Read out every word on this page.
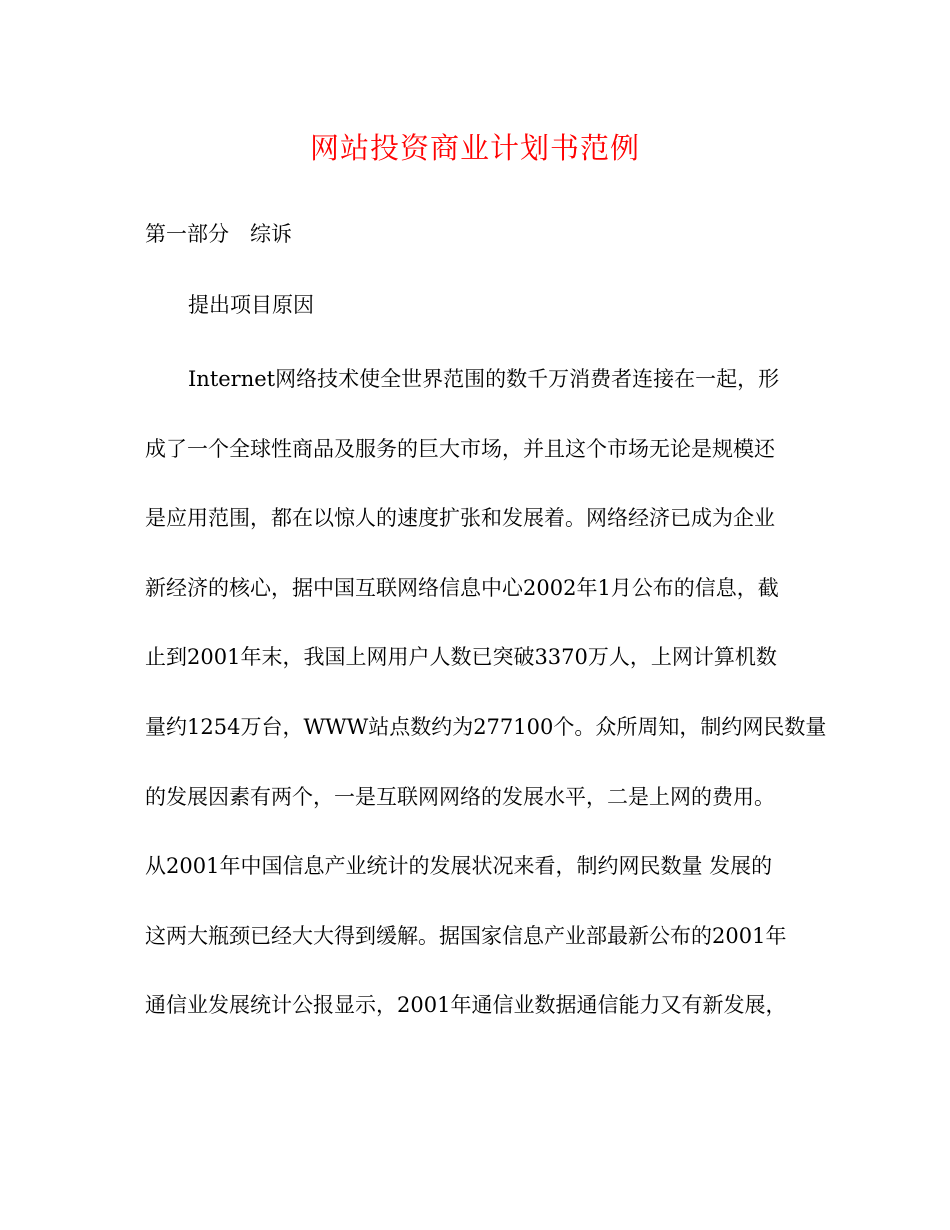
网站投资商业计划书范例
第一部分　综诉
提出项目原因
Internet网络技术使全世界范围的数千万消费者连接在一起，形
成了一个全球性商品及服务的巨大市场，并且这个市场无论是规模还
是应用范围，都在以惊人的速度扩张和发展着。网络经济已成为企业
新经济的核心，据中国互联网络信息中心2002年1月公布的信息，截
止到2001年末，我国上网用户人数已突破3370万人，上网计算机数
量约1254万台，WWW站点数约为277100个。众所周知，制约网民数量
的发展因素有两个，一是互联网网络的发展水平，二是上网的费用。
从2001年中国信息产业统计的发展状况来看，制约网民数量 发展的
这两大瓶颈已经大大得到缓解。据国家信息产业部最新公布的2001年
通信业发展统计公报显示，2001年通信业数据通信能力又有新发展，
